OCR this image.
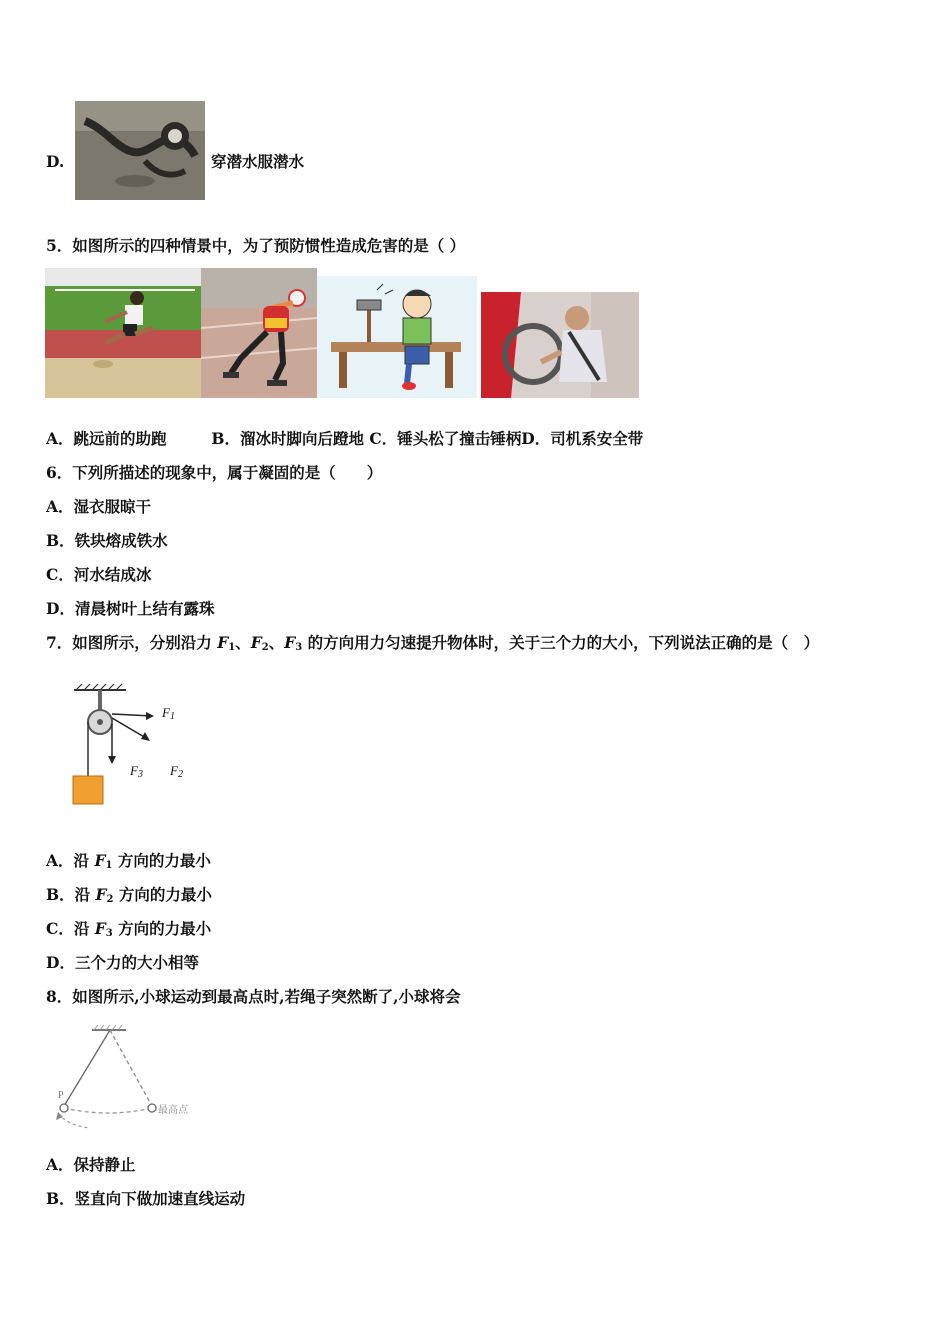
D.	穿潜水服潜水
5．如图所示的四种情景中，为了预防惯性造成危害的是（ ）
A．跳远前的助跑	B．溜冰时脚向后蹬地 C．锤头松了撞击锤柄D．司机系安全带
6．下列所描述的现象中，属于凝固的是（　　）
A．湿衣服晾干
B．铁块熔成铁水
C．河水结成冰
D．清晨树叶上结有露珠
7．如图所示，分别沿力 $F_1$、$F_2$、$F_3$ 的方向用力匀速提升物体时，关于三个力的大小，下列说法正确的是（　）
$F_1$
$F_3$ $F_2$
A．沿 $F_1$ 方向的力最小
B．沿 $F_2$ 方向的力最小
C．沿 $F_3$ 方向的力最小
D．三个力的大小相等
8．如图所示,小球运动到最高点时,若绳子突然断了,小球将会
P
最高点
A．保持静止
B．竖直向下做加速直线运动
